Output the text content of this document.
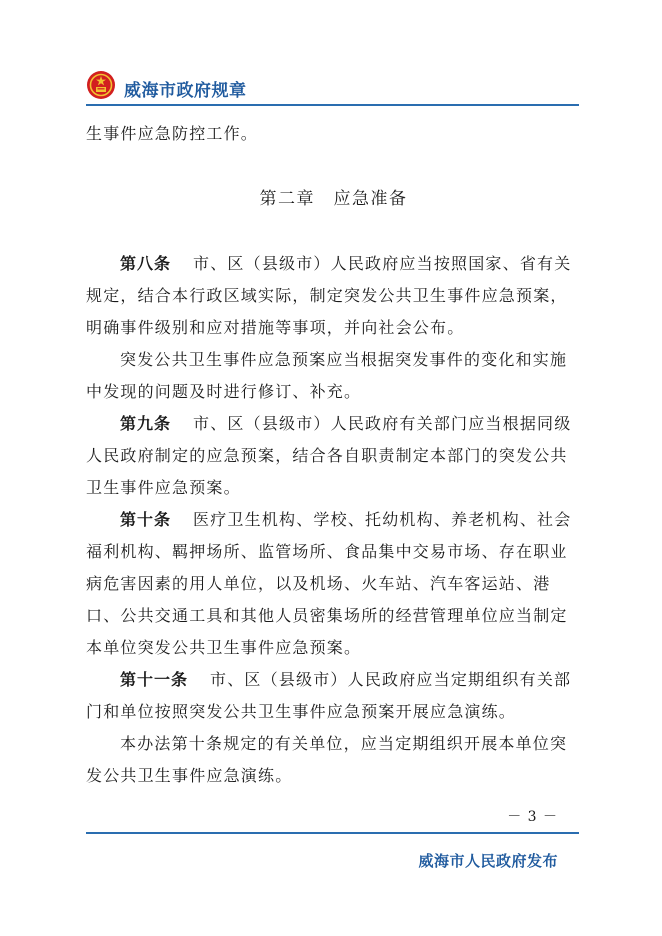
威海市政府规章

生事件应急防控工作。

第二章　应急准备

第八条 市、区（县级市）人民政府应当按照国家、省有关规定，结合本行政区域实际，制定突发公共卫生事件应急预案，明确事件级别和应对措施等事项，并向社会公布。

突发公共卫生事件应急预案应当根据突发事件的变化和实施中发现的问题及时进行修订、补充。

第九条 市、区（县级市）人民政府有关部门应当根据同级人民政府制定的应急预案，结合各自职责制定本部门的突发公共卫生事件应急预案。

第十条 医疗卫生机构、学校、托幼机构、养老机构、社会福利机构、羁押场所、监管场所、食品集中交易市场、存在职业病危害因素的用人单位，以及机场、火车站、汽车客运站、港口、公共交通工具和其他人员密集场所的经营管理单位应当制定本单位突发公共卫生事件应急预案。

第十一条 市、区（县级市）人民政府应当定期组织有关部门和单位按照突发公共卫生事件应急预案开展应急演练。

本办法第十条规定的有关单位，应当定期组织开展本单位突发公共卫生事件应急演练。

－ 3 －
威海市人民政府发布
